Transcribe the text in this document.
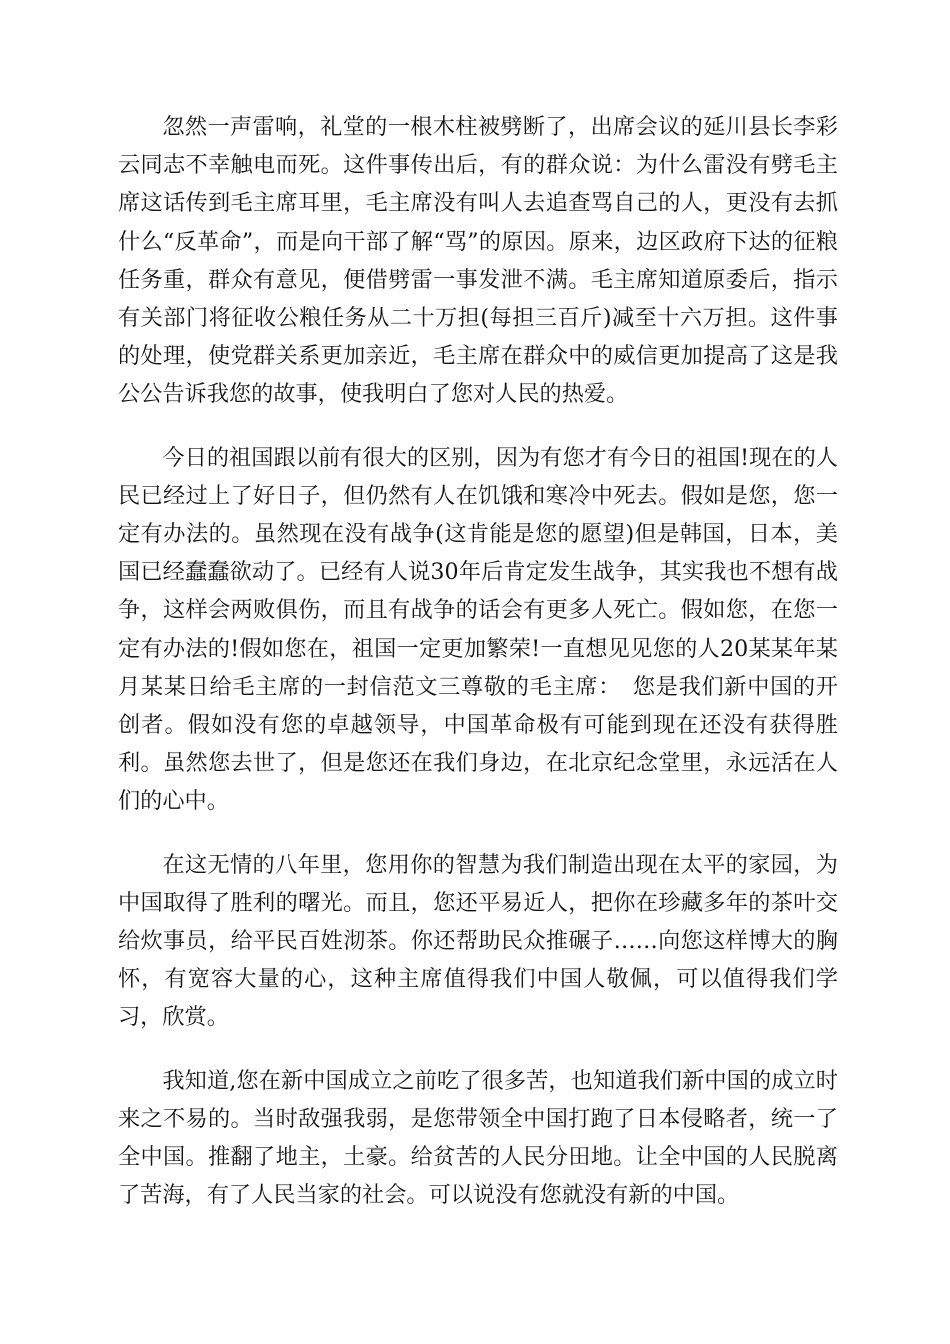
忽然一声雷响，礼堂的一根木柱被劈断了，出席会议的延川县长李彩云同志不幸触电而死。这件事传出后，有的群众说：为什么雷没有劈毛主席这话传到毛主席耳里，毛主席没有叫人去追查骂自己的人，更没有去抓什么“反革命”，而是向干部了解“骂”的原因。原来，边区政府下达的征粮任务重，群众有意见，便借劈雷一事发泄不满。毛主席知道原委后，指示有关部门将征收公粮任务从二十万担(每担三百斤)减至十六万担。这件事的处理，使党群关系更加亲近，毛主席在群众中的威信更加提高了这是我公公告诉我您的故事，使我明白了您对人民的热爱。

今日的祖国跟以前有很大的区别，因为有您才有今日的祖国!现在的人民已经过上了好日子，但仍然有人在饥饿和寒冷中死去。假如是您，您一定有办法的。虽然现在没有战争(这肯能是您的愿望)但是韩国，日本，美国已经蠢蠢欲动了。已经有人说30年后肯定发生战争，其实我也不想有战争，这样会两败俱伤，而且有战争的话会有更多人死亡。假如您，在您一定有办法的!假如您在，祖国一定更加繁荣!一直想见见您的人20某某年某月某某日给毛主席的一封信范文三尊敬的毛主席：　您是我们新中国的开创者。假如没有您的卓越领导，中国革命极有可能到现在还没有获得胜利。虽然您去世了，但是您还在我们身边，在北京纪念堂里，永远活在人们的心中。

在这无情的八年里，您用你的智慧为我们制造出现在太平的家园，为中国取得了胜利的曙光。而且，您还平易近人，把你在珍藏多年的茶叶交给炊事员，给平民百姓沏茶。你还帮助民众推碾子……向您这样博大的胸怀，有宽容大量的心，这种主席值得我们中国人敬佩，可以值得我们学习，欣赏。

我知道,您在新中国成立之前吃了很多苦，也知道我们新中国的成立时来之不易的。当时敌强我弱，是您带领全中国打跑了日本侵略者，统一了全中国。推翻了地主，土豪。给贫苦的人民分田地。让全中国的人民脱离了苦海，有了人民当家的社会。可以说没有您就没有新的中国。
